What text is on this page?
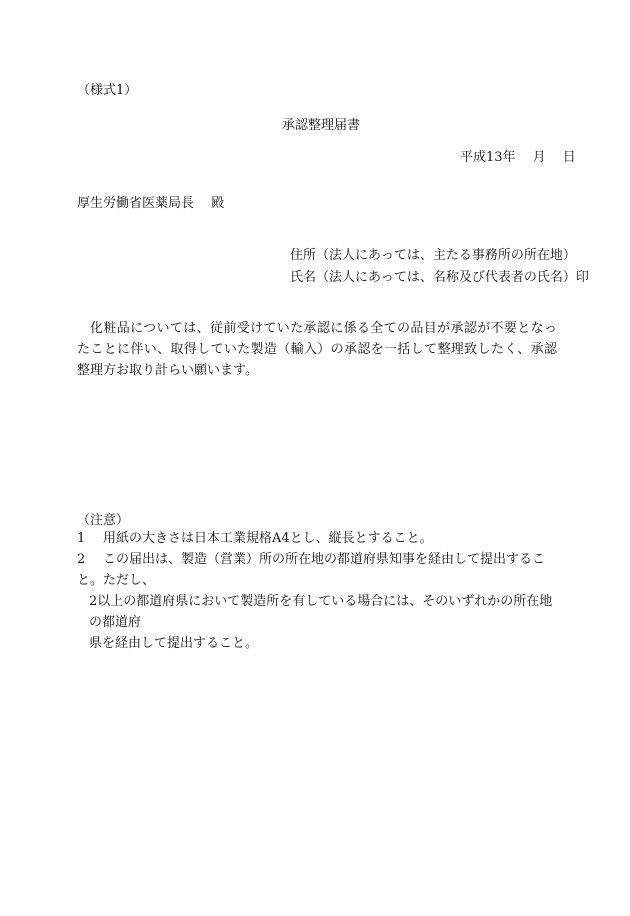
（様式1）
承認整理届書
平成13年　 月　 日
厚生労働省医薬局長　 殿
住所（法人にあっては、主たる事務所の所在地）
氏名（法人にあっては、名称及び代表者の氏名）印
化粧品については、従前受けていた承認に係る全ての品目が承認が不要となったことに伴い、取得していた製造（輸入）の承認を一括して整理致したく、承認整理方お取り計らい願います。
（注意）
1 用紙の大きさは日本工業規格A4とし、縦長とすること。
2 この届出は、製造（営業）所の所在地の都道府県知事を経由して提出すること。ただし、
2以上の都道府県において製造所を有している場合には、そのいずれかの所在地の都道府
県を経由して提出すること。
